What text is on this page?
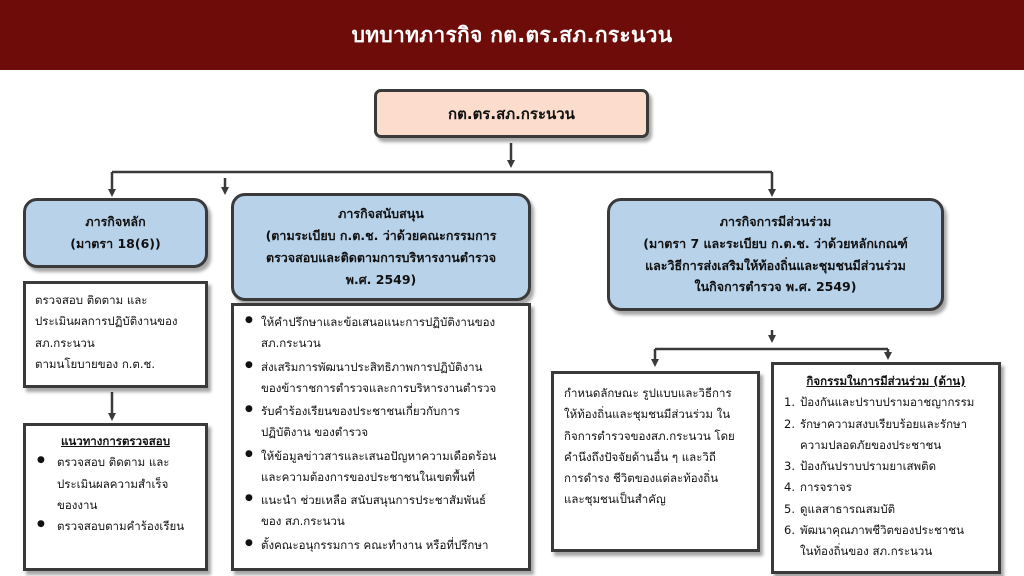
บทบาทภารกิจ กต.ตร.สภ.กระนวน
กต.ตร.สภ.กระนวน
ภารกิจหลัก
(มาตรา 18(6))
ภารกิจสนับสนุน
(ตามระเบียบ ก.ต.ช. ว่าด้วยคณะกรรมการ
ตรวจสอบและติดตามการบริหารงานตำรวจ
พ.ศ. 2549)
ภารกิจการมีส่วนร่วม
(มาตรา 7 และระเบียบ ก.ต.ช. ว่าด้วยหลักเกณฑ์
และวิธีการส่งเสริมให้ท้องถิ่นและชุมชนมีส่วนร่วม
ในกิจการตำรวจ พ.ศ. 2549)
ตรวจสอบ ติดตาม และ
ประเมินผลการปฏิบัติงานของ
สภ.กระนวน
ตามนโยบายของ ก.ต.ช.
แนวทางการตรวจสอบ
● ตรวจสอบ ติดตาม และ
ประเมินผลความสำเร็จ
ของงาน
● ตรวจสอบตามคำร้องเรียน
● ให้คำปรึกษาและข้อเสนอแนะการปฏิบัติงานของ
สภ.กระนวน
● ส่งเสริมการพัฒนาประสิทธิภาพการปฏิบัติงาน
ของข้าราชการตำรวจและการบริหารงานตำรวจ
● รับคำร้องเรียนของประชาชนเกี่ยวกับการ
ปฏิบัติงาน ของตำรวจ
● ให้ข้อมูลข่าวสารและเสนอปัญหาความเดือดร้อน
และความต้องการของประชาชนในเขตพื้นที่
● แนะนำ ช่วยเหลือ สนับสนุนการประชาสัมพันธ์
ของ สภ.กระนวน
● ตั้งคณะอนุกรรมการ คณะทำงาน หรือที่ปรึกษา
กำหนดลักษณะ รูปแบบและวิธีการ
ให้ท้องถิ่นและชุมชนมีส่วนร่วม ใน
กิจการตำรวจของสภ.กระนวน โดย
คำนึงถึงปัจจัยด้านอื่น ๆ และวิถี
การดำรง ชีวิตของแต่ละท้องถิ่น
และชุมชนเป็นสำคัญ
กิจกรรมในการมีส่วนร่วม (ด้าน)
1. ป้องกันและปราบปรามอาชญากรรม
2. รักษาความสงบเรียบร้อยและรักษา
ความปลอดภัยของประชาชน
3. ป้องกันปราบปรามยาเสพติด
4. การจราจร
5. ดูแลสาธารณสมบัติ
6. พัฒนาคุณภาพชีวิตของประชาชน
ในท้องถิ่นของ สภ.กระนวน
